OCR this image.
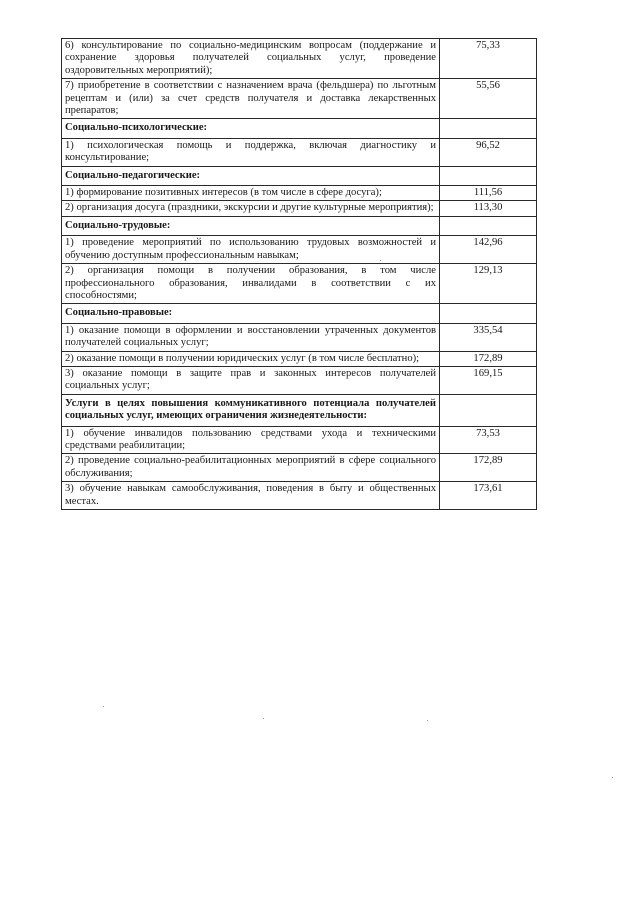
6) консультирование по социально-медицинским вопросам (поддержание и сохранение здоровья получателей социальных услуг, проведение оздоровительных мероприятий);	75,33
7) приобретение в соответствии с назначением врача (фельдшера) по льготным рецептам и (или) за счет средств получателя и доставка лекарственных препаратов;	55,56
Социально-психологические:	
1) психологическая помощь и поддержка, включая диагностику и консультирование;	96,52
Социально-педагогические:	
1) формирование позитивных интересов (в том числе в сфере досуга);	111,56
2) организация досуга (праздники, экскурсии и другие культурные мероприятия);	113,30
Социально-трудовые:	
1) проведение мероприятий по использованию трудовых возможностей и обучению доступным профессиональным навыкам;	142,96
2) организация помощи в получении образования, в том числе профессионального образования, инвалидами в соответствии с их способностями;	129,13
Социально-правовые:	
1) оказание помощи в оформлении и восстановлении утраченных документов получателей социальных услуг;	335,54
2) оказание помощи в получении юридических услуг (в том числе бесплатно);	172,89
3) оказание помощи в защите прав и законных интересов получателей социальных услуг;	169,15
Услуги в целях повышения коммуникативного потенциала получателей социальных услуг, имеющих ограничения жизнедеятельности:	
1) обучение инвалидов пользованию средствами ухода и техническими средствами реабилитации;	73,53
2) проведение социально-реабилитационных мероприятий в сфере социального обслуживания;	172,89
3) обучение навыкам самообслуживания, поведения в быту и общественных местах.	173,61
